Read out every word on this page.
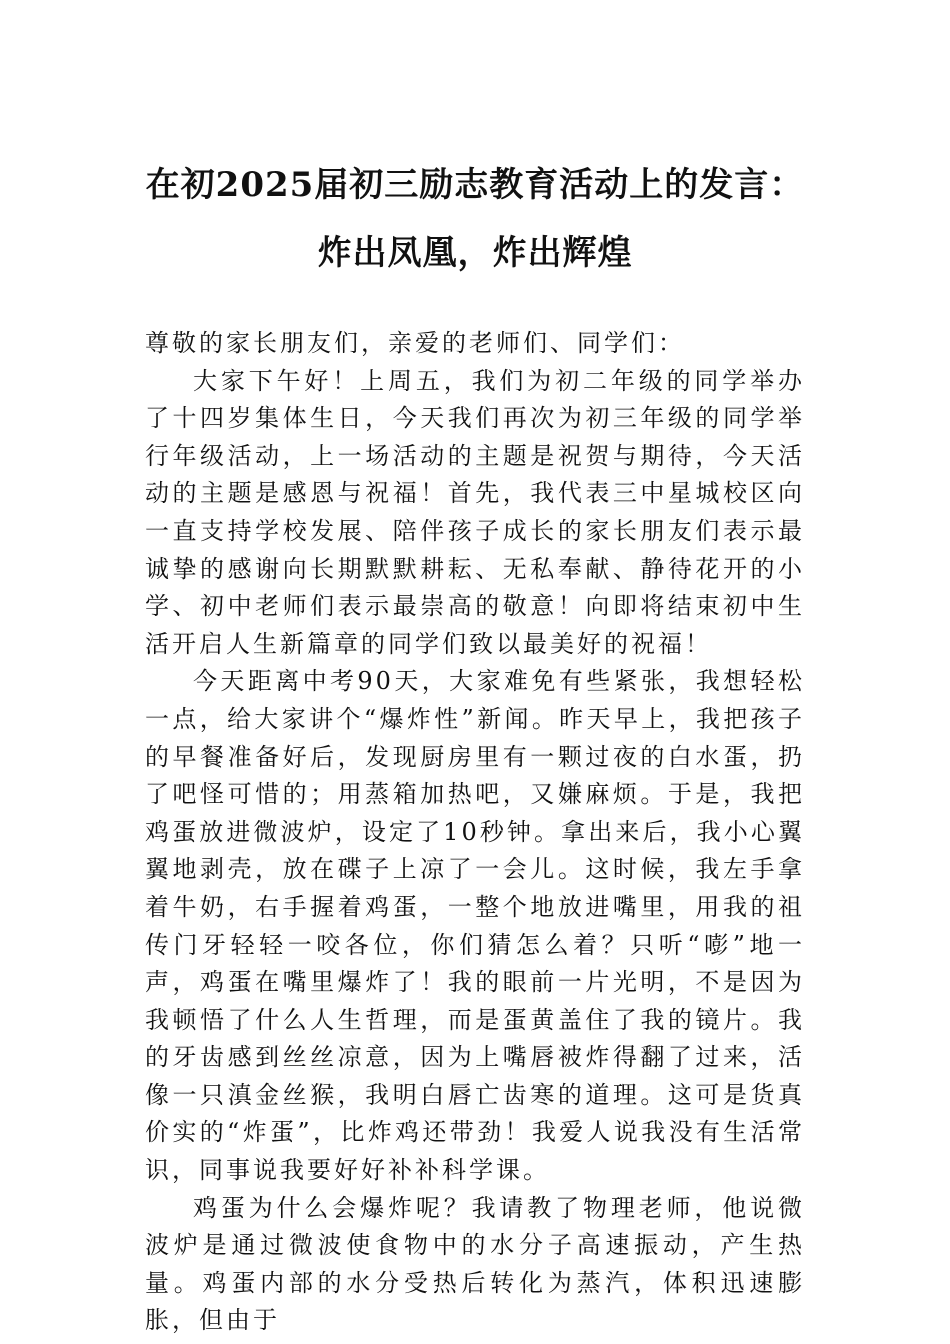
在初2025届初三励志教育活动上的发言：
炸出凤凰，炸出辉煌

尊敬的家长朋友们，亲爱的老师们、同学们：

大家下午好！上周五，我们为初二年级的同学举办了十四岁集体生日，今天我们再次为初三年级的同学举行年级活动，上一场活动的主题是祝贺与期待，今天活动的主题是感恩与祝福！首先，我代表三中星城校区向一直支持学校发展、陪伴孩子成长的家长朋友们表示最诚挚的感谢向长期默默耕耘、无私奉献、静待花开的小学、初中老师们表示最崇高的敬意！向即将结束初中生活开启人生新篇章的同学们致以最美好的祝福！

今天距离中考90天，大家难免有些紧张，我想轻松一点，给大家讲个“爆炸性”新闻。昨天早上，我把孩子的早餐准备好后，发现厨房里有一颗过夜的白水蛋，扔了吧怪可惜的；用蒸箱加热吧，又嫌麻烦。于是，我把鸡蛋放进微波炉，设定了10秒钟。拿出来后，我小心翼翼地剥壳，放在碟子上凉了一会儿。这时候，我左手拿着牛奶，右手握着鸡蛋，一整个地放进嘴里，用我的祖传门牙轻轻一咬各位，你们猜怎么着？只听“嘭”地一声，鸡蛋在嘴里爆炸了！我的眼前一片光明，不是因为我顿悟了什么人生哲理，而是蛋黄盖住了我的镜片。我的牙齿感到丝丝凉意，因为上嘴唇被炸得翻了过来，活像一只滇金丝猴，我明白唇亡齿寒的道理。这可是货真价实的“炸蛋”，比炸鸡还带劲！我爱人说我没有生活常识，同事说我要好好补补科学课。

鸡蛋为什么会爆炸呢？我请教了物理老师，他说微波炉是通过微波使食物中的水分子高速振动，产生热量。鸡蛋内部的水分受热后转化为蒸汽，体积迅速膨胀，但由于
